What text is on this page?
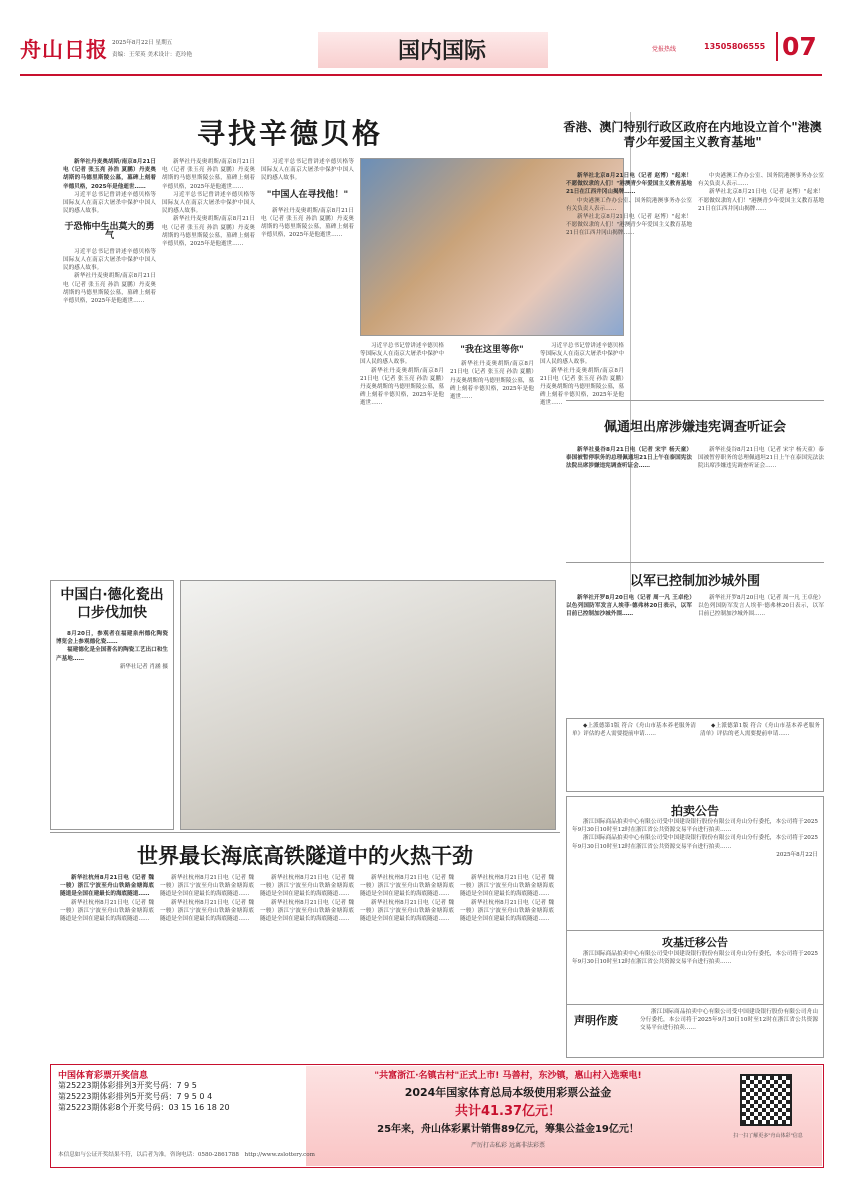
舟山日报 2025年8月22日 星期五
责编：王荣英 美术设计：范玲艳	国内国际	党报热线	13505806555 07
寻找辛德贝格

新华社丹麦奥胡斯/南京8月21日电（记者 张玉亮 孙浩 夏鹏）丹麦奥胡斯的马德里斯陵公墓，墓碑上刻着辛德贝格，2025年是他逝世……

习近平总书记曾讲述辛德贝格等国际友人在南京大屠杀中保护中国人民的感人故事。

于恐怖中生出莫大的勇气

习近平总书记曾讲述辛德贝格等国际友人在南京大屠杀中保护中国人民的感人故事。

新华社丹麦奥胡斯/南京8月21日电（记者 张玉亮 孙浩 夏鹏）丹麦奥胡斯的马德里斯陵公墓，墓碑上刻着辛德贝格，2025年是他逝世……

新华社丹麦奥胡斯/南京8月21日电（记者 张玉亮 孙浩 夏鹏）丹麦奥胡斯的马德里斯陵公墓，墓碑上刻着辛德贝格，2025年是他逝世……

习近平总书记曾讲述辛德贝格等国际友人在南京大屠杀中保护中国人民的感人故事。

新华社丹麦奥胡斯/南京8月21日电（记者 张玉亮 孙浩 夏鹏）丹麦奥胡斯的马德里斯陵公墓，墓碑上刻着辛德贝格，2025年是他逝世……

习近平总书记曾讲述辛德贝格等国际友人在南京大屠杀中保护中国人民的感人故事。

"中国人在寻找他！"

新华社丹麦奥胡斯/南京8月21日电（记者 张玉亮 孙浩 夏鹏）丹麦奥胡斯的马德里斯陵公墓，墓碑上刻着辛德贝格，2025年是他逝世……

习近平总书记曾讲述辛德贝格等国际友人在南京大屠杀中保护中国人民的感人故事。

新华社丹麦奥胡斯/南京8月21日电（记者 张玉亮 孙浩 夏鹏）丹麦奥胡斯的马德里斯陵公墓，墓碑上刻着辛德贝格，2025年是他逝世……

"我在这里等你"

新华社丹麦奥胡斯/南京8月21日电（记者 张玉亮 孙浩 夏鹏）丹麦奥胡斯的马德里斯陵公墓，墓碑上刻着辛德贝格，2025年是他逝世……

习近平总书记曾讲述辛德贝格等国际友人在南京大屠杀中保护中国人民的感人故事。

新华社丹麦奥胡斯/南京8月21日电（记者 张玉亮 孙浩 夏鹏）丹麦奥胡斯的马德里斯陵公墓，墓碑上刻着辛德贝格，2025年是他逝世……

香港、澳门特别行政区政府在内地设立首个"港澳青少年爱国主义教育基地"

新华社北京8月21日电（记者 赵博）"起来！不愿做奴隶的人们！"港澳青少年爱国主义教育基地21日在江西井冈山揭牌……

中央港澳工作办公室、国务院港澳事务办公室有关负责人表示……

新华社北京8月21日电（记者 赵博）"起来！不愿做奴隶的人们！"港澳青少年爱国主义教育基地21日在江西井冈山揭牌……

中央港澳工作办公室、国务院港澳事务办公室有关负责人表示……

新华社北京8月21日电（记者 赵博）"起来！不愿做奴隶的人们！"港澳青少年爱国主义教育基地21日在江西井冈山揭牌……

佩通坦出席涉嫌违宪调查听证会

新华社曼谷8月21日电（记者 宋宇 杨天童）泰国被暂停职务的总理佩通坦21日上午在泰国宪法法院出席涉嫌违宪调查听证会……

新华社曼谷8月21日电（记者 宋宇 杨天童）泰国被暂停职务的总理佩通坦21日上午在泰国宪法法院出席涉嫌违宪调查听证会……

以军已控制加沙城外围

新华社开罗8月20日电（记者 周一凡 王卓伦）以色列国防军发言人埃菲·德弗林20日表示，以军目前已控制加沙城外围……

新华社开罗8月20日电（记者 周一凡 王卓伦）以色列国防军发言人埃菲·德弗林20日表示，以军目前已控制加沙城外围……

中国白·德化瓷出口步伐加快

8月20日，参观者在福建泉州德化陶瓷博览会上参观德化瓷……

福建德化是全国著名的陶瓷工艺出口和生产基地……

新华社记者 肖涵 摄

◆上派德第1版 符合《舟山市基本养老服务清单》评估的老人需要提前申请……

◆上派德第1版 符合《舟山市基本养老服务清单》评估的老人需要提前申请……

拍卖公告

浙江国际商品拍卖中心有限公司受中国建设银行股份有限公司舟山分行委托，本公司将于2025年9月30日10时至12时在浙江省公共资源交易平台进行拍卖……

浙江国际商品拍卖中心有限公司受中国建设银行股份有限公司舟山分行委托，本公司将于2025年9月30日10时至12时在浙江省公共资源交易平台进行拍卖……

2025年8月22日

攻基迁移公告

浙江国际商品拍卖中心有限公司受中国建设银行股份有限公司舟山分行委托，本公司将于2025年9月30日10时至12时在浙江省公共资源交易平台进行拍卖……

声明作废

浙江国际商品拍卖中心有限公司受中国建设银行股份有限公司舟山分行委托，本公司将于2025年9月30日10时至12时在浙江省公共资源交易平台进行拍卖……

世界最长海底高铁隧道中的火热干劲

新华社杭州8月21日电（记者 魏一骏）浙江宁波至舟山铁路金塘海底隧道是全国在建最长的海底隧道……

新华社杭州8月21日电（记者 魏一骏）浙江宁波至舟山铁路金塘海底隧道是全国在建最长的海底隧道……

新华社杭州8月21日电（记者 魏一骏）浙江宁波至舟山铁路金塘海底隧道是全国在建最长的海底隧道……

新华社杭州8月21日电（记者 魏一骏）浙江宁波至舟山铁路金塘海底隧道是全国在建最长的海底隧道……

新华社杭州8月21日电（记者 魏一骏）浙江宁波至舟山铁路金塘海底隧道是全国在建最长的海底隧道……

新华社杭州8月21日电（记者 魏一骏）浙江宁波至舟山铁路金塘海底隧道是全国在建最长的海底隧道……

新华社杭州8月21日电（记者 魏一骏）浙江宁波至舟山铁路金塘海底隧道是全国在建最长的海底隧道……

新华社杭州8月21日电（记者 魏一骏）浙江宁波至舟山铁路金塘海底隧道是全国在建最长的海底隧道……

新华社杭州8月21日电（记者 魏一骏）浙江宁波至舟山铁路金塘海底隧道是全国在建最长的海底隧道……

新华社杭州8月21日电（记者 魏一骏）浙江宁波至舟山铁路金塘海底隧道是全国在建最长的海底隧道……

中国体育彩票开奖信息
第25223期体彩排列3开奖号码：7 9 5
第25223期体彩排列5开奖号码：7 9 5 0 4
第25223期体彩8个开奖号码：03 15 16 18 20
"共富浙江·名镇古村"正式上市! 马善村，东沙镇，惠山村入选乘电!
2024年国家体育总局本级使用彩票公益金
共计41.37亿元！
25年来，舟山体彩累计销售89亿元，筹集公益金19亿元！
严厉打击私彩 远离非法彩票
扫一扫了解更多"舟山体彩"信息
本信息如与公证开奖结果不符，以后者为准。咨询电话：0580-2861788 http://www.zslottery.com
